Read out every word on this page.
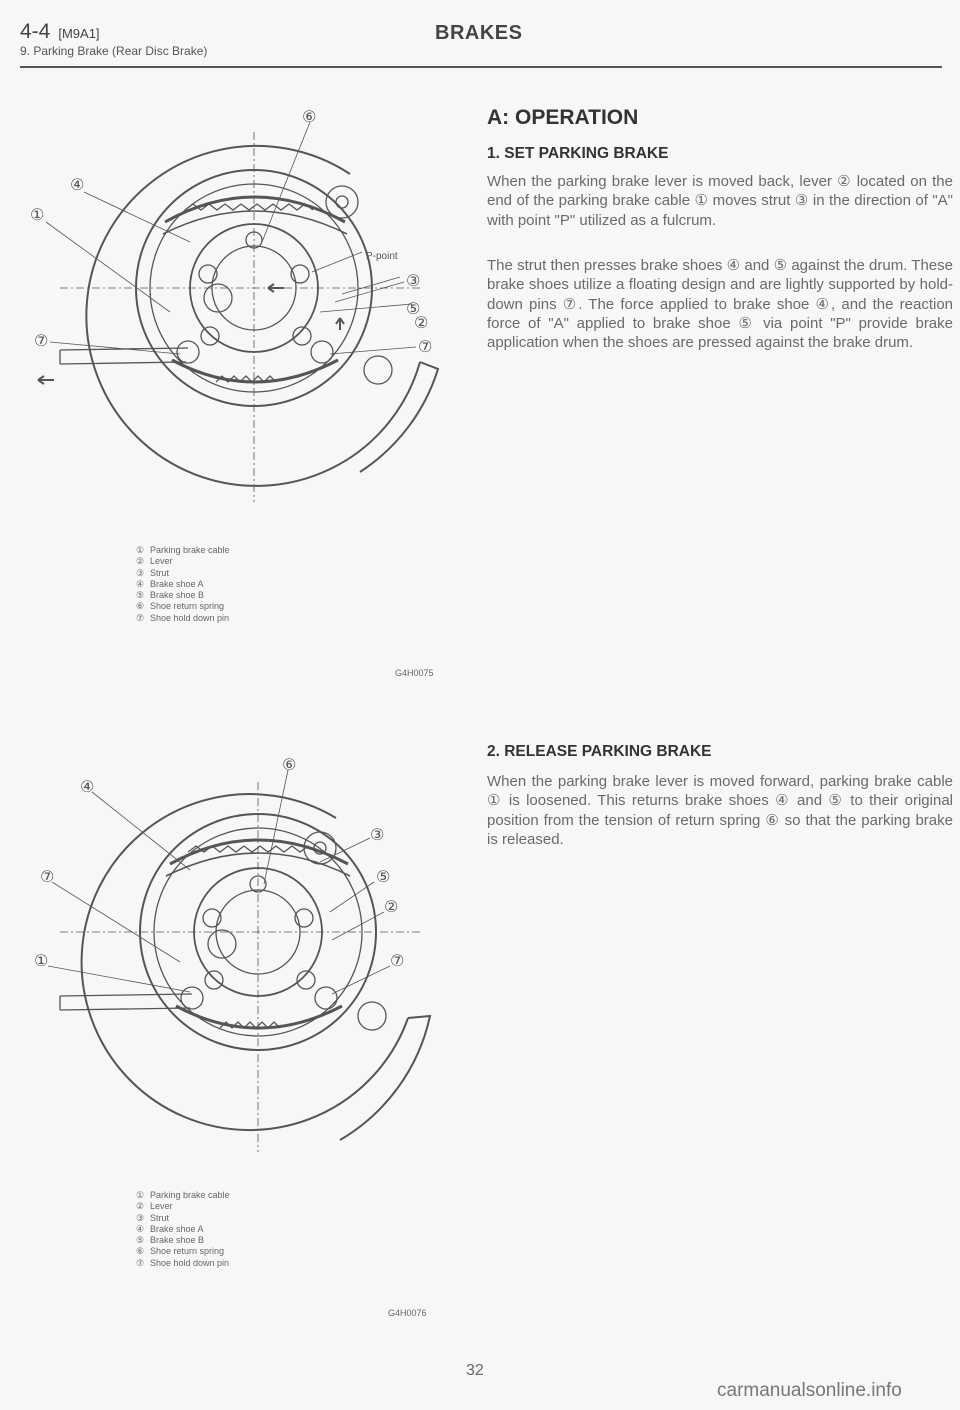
4-4 [M9A1]
9. Parking Brake (Rear Disc Brake)
BRAKES
⑥
④
①
⑦
P-point
③
⑤
②
⑦
① Parking brake cable
② Lever
③ Strut
④ Brake shoe A
⑤ Brake shoe B
⑥ Shoe return spring
⑦ Shoe hold down pin
G4H0075
⑥
④
⑦
①
③
⑤
②
⑦
① Parking brake cable
② Lever
③ Strut
④ Brake shoe A
⑤ Brake shoe B
⑥ Shoe return spring
⑦ Shoe hold down pin
G4H0076
A: OPERATION
1. SET PARKING BRAKE

When the parking brake lever is moved back, lever ② located on the end of the parking brake cable ① moves strut ③ in the direction of "A" with point "P" utilized as a fulcrum.

The strut then presses brake shoes ④ and ⑤ against the drum. These brake shoes utilize a floating design and are lightly supported by hold-down pins ⑦. The force applied to brake shoe ④, and the reaction force of "A" applied to brake shoe ⑤ via point "P" provide brake application when the shoes are pressed against the brake drum.

2. RELEASE PARKING BRAKE

When the parking brake lever is moved forward, parking brake cable ① is loosened. This returns brake shoes ④ and ⑤ to their original position from the tension of return spring ⑥ so that the parking brake is released.

32
carmanualsonline.info
